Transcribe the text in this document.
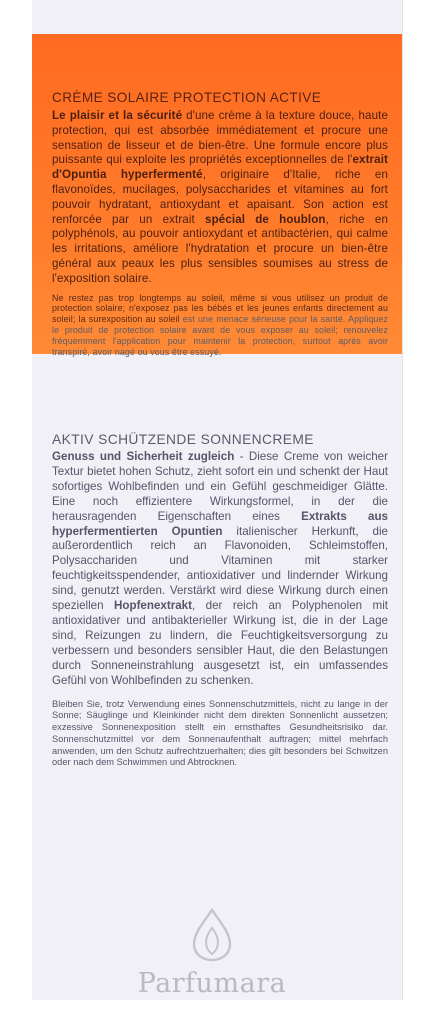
CRÈME SOLAIRE PROTECTION ACTIVE

Le plaisir et la sécurité d'une crème à la texture douce, haute protection, qui est absorbée immédiatement et procure une sensation de lisseur et de bien-être. Une formule encore plus puissante qui exploite les propriétés exceptionnelles de l'extrait d'Opuntia hyperfermenté, originaire d'Italie, riche en flavonoïdes, mucilages, polysaccharides et vitamines au fort pouvoir hydratant, antioxydant et apaisant. Son action est renforcée par un extrait spécial de houblon, riche en polyphénols, au pouvoir antioxydant et antibactérien, qui calme les irritations, améliore l'hydratation et procure un bien-être général aux peaux les plus sensibles soumises au stress de l'exposition solaire.

Ne restez pas trop longtemps au soleil, même si vous utilisez un produit de protection solaire; n'exposez pas les bébés et les jeunes enfants directement au soleil; la surexposition au soleil est une menace sérieuse pour la santé. Appliquez le produit de protection solaire avant de vous exposer au soleil; renouvelez fréquemment l'application pour maintenir la protection, surtout après avoir transpiré, avoir nagé ou vous être essuyé.

AKTIV SCHÜTZENDE SONNENCREME

Genuss und Sicherheit zugleich - Diese Creme von weicher Textur bietet hohen Schutz, zieht sofort ein und schenkt der Haut sofortiges Wohlbefinden und ein Gefühl geschmeidiger Glätte. Eine noch effizientere Wirkungsformel, in der die herausragenden Eigenschaften eines Extrakts aus hyperfermentierten Opuntien italienischer Herkunft, die außerordentlich reich an Flavonoiden, Schleimstoffen, Polysacchariden und Vitaminen mit starker feuchtigkeitsspendender, antioxidativer und lindernder Wirkung sind, genutzt werden. Verstärkt wird diese Wirkung durch einen speziellen Hopfenextrakt, der reich an Polyphenolen mit antioxidativer und antibakterieller Wirkung ist, die in der Lage sind, Reizungen zu lindern, die Feuchtigkeitsversorgung zu verbessern und besonders sensibler Haut, die den Belastungen durch Sonneneinstrahlung ausgesetzt ist, ein umfassendes Gefühl von Wohlbefinden zu schenken.

Bleiben Sie, trotz Verwendung eines Sonnenschutzmittels, nicht zu lange in der Sonne; Säuglinge und Kleinkinder nicht dem direkten Sonnenlicht aussetzen; exzessive Sonnenexposition stellt ein ernsthaftes Gesundheitsrisiko dar. Sonnenschutzmittel vor dem Sonnenaufenthalt auftragen; mittel mehrfach anwenden, um den Schutz aufrechtzuerhalten; dies gilt besonders bei Schwitzen oder nach dem Schwimmen und Abtrocknen.

Parfumara
